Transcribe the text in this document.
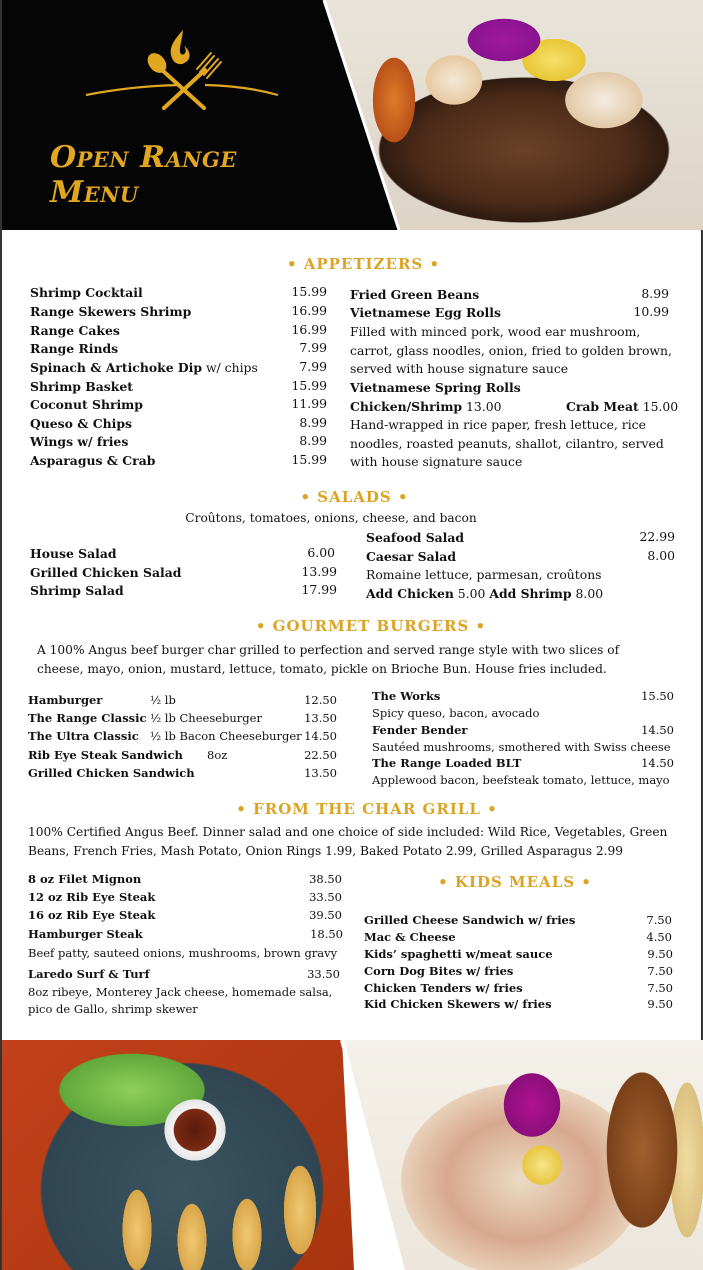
Open Range Menu
• APPETIZERS •
Shrimp Cocktail	15.99
Range Skewers Shrimp	16.99
Range Cakes	16.99
Range Rinds	7.99
Spinach & Artichoke Dip w/ chips	7.99
Shrimp Basket	15.99
Coconut Shrimp	11.99
Queso & Chips	8.99
Wings w/ fries	8.99
Asparagus & Crab	15.99
Fried Green Beans	8.99
Vietnamese Egg Rolls	10.99
Filled with minced pork, wood ear mushroom,
carrot, glass noodles, onion, fried to golden brown,
served with house signature sauce
Vietnamese Spring Rolls
Chicken/Shrimp 13.00	Crab Meat 15.00
Hand-wrapped in rice paper, fresh lettuce, rice
noodles, roasted peanuts, shallot, cilantro, served
with house signature sauce
• SALADS •
Croûtons, tomatoes, onions, cheese, and bacon
House Salad	6.00
Grilled Chicken Salad	13.99
Shrimp Salad	17.99
Seafood Salad	22.99
Caesar Salad	8.00
Romaine lettuce, parmesan, croûtons
Add Chicken 5.00 Add Shrimp 8.00
• GOURMET BURGERS •
A 100% Angus beef burger char grilled to perfection and served range style with two slices of
cheese, mayo, onion, mustard, lettuce, tomato, pickle on Brioche Bun. House fries included.
Hamburger	½ lb	12.50
The Range Classic ½ lb Cheeseburger	13.50
The Ultra Classic ½ lb Bacon Cheeseburger 14.50
Rib Eye Steak Sandwich 8oz	22.50
Grilled Chicken Sandwich	13.50
The Works	15.50
Spicy queso, bacon, avocado
Fender Bender	14.50
Sautéed mushrooms, smothered with Swiss cheese
The Range Loaded BLT	14.50
Applewood bacon, beefsteak tomato, lettuce, mayo
• FROM THE CHAR GRILL •
100% Certified Angus Beef. Dinner salad and one choice of side included: Wild Rice, Vegetables, Green
Beans, French Fries, Mash Potato, Onion Rings 1.99, Baked Potato 2.99, Grilled Asparagus 2.99
8 oz Filet Mignon	38.50
12 oz Rib Eye Steak	33.50
16 oz Rib Eye Steak	39.50
Hamburger Steak	18.50
Beef patty, sauteed onions, mushrooms, brown gravy
Laredo Surf & Turf	33.50
8oz ribeye, Monterey Jack cheese, homemade salsa,
pico de Gallo, shrimp skewer
• KIDS MEALS •
Grilled Cheese Sandwich w/ fries	7.50
Mac & Cheese	4.50
Kids’ spaghetti w/meat sauce	9.50
Corn Dog Bites w/ fries	7.50
Chicken Tenders w/ fries	7.50
Kid Chicken Skewers w/ fries	9.50
